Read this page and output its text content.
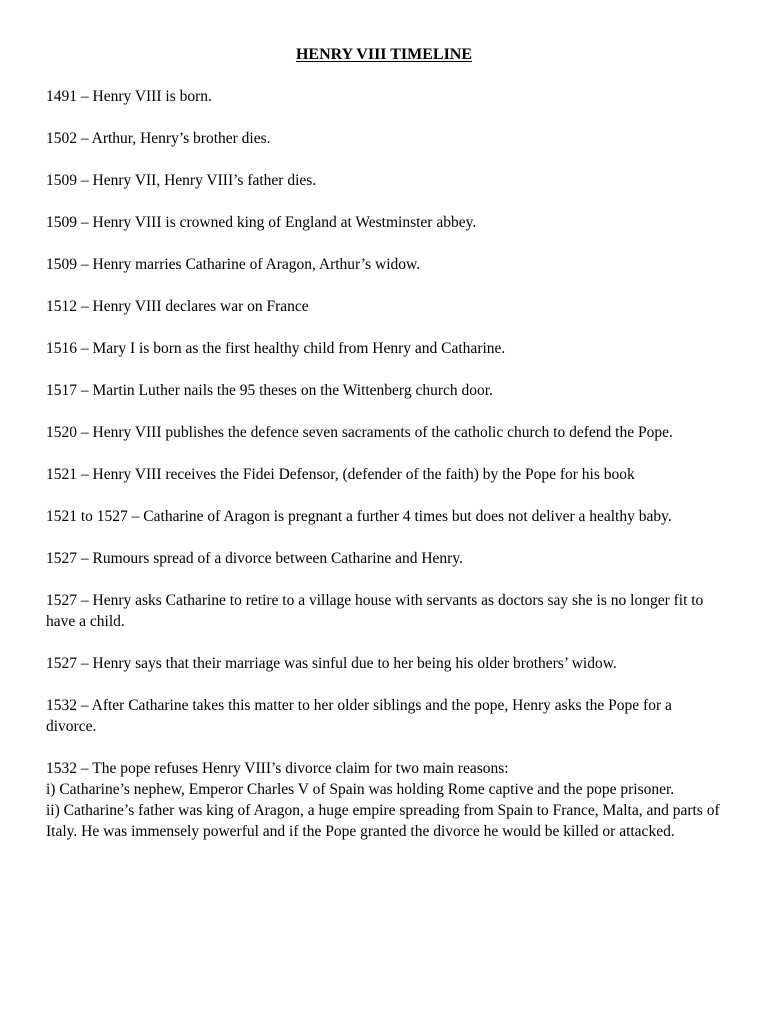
HENRY VIII TIMELINE
1491 – Henry VIII is born.
1502 – Arthur, Henry’s brother dies.
1509 – Henry VII, Henry VIII’s father dies.
1509 – Henry VIII is crowned king of England at Westminster abbey.
1509 – Henry marries Catharine of Aragon, Arthur’s widow.
1512 – Henry VIII declares war on France
1516 – Mary I is born as the first healthy child from Henry and Catharine.
1517 – Martin Luther nails the 95 theses on the Wittenberg church door.
1520 – Henry VIII publishes the defence seven sacraments of the catholic church to defend the Pope.
1521 – Henry VIII receives the Fidei Defensor, (defender of the faith) by the Pope for his book
1521 to 1527 – Catharine of Aragon is pregnant a further 4 times but does not deliver a healthy baby.
1527 – Rumours spread of a divorce between Catharine and Henry.
1527 – Henry asks Catharine to retire to a village house with servants as doctors say she is no longer fit to have a child.
1527 – Henry says that their marriage was sinful due to her being his older brothers’ widow.
1532 – After Catharine takes this matter to her older siblings and the pope, Henry asks the Pope for a divorce.
1532 – The pope refuses Henry VIII’s divorce claim for two main reasons:
i) Catharine’s nephew, Emperor Charles V of Spain was holding Rome captive and the pope prisoner.
ii) Catharine’s father was king of Aragon, a huge empire spreading from Spain to France, Malta, and parts of Italy. He was immensely powerful and if the Pope granted the divorce he would be killed or attacked.
